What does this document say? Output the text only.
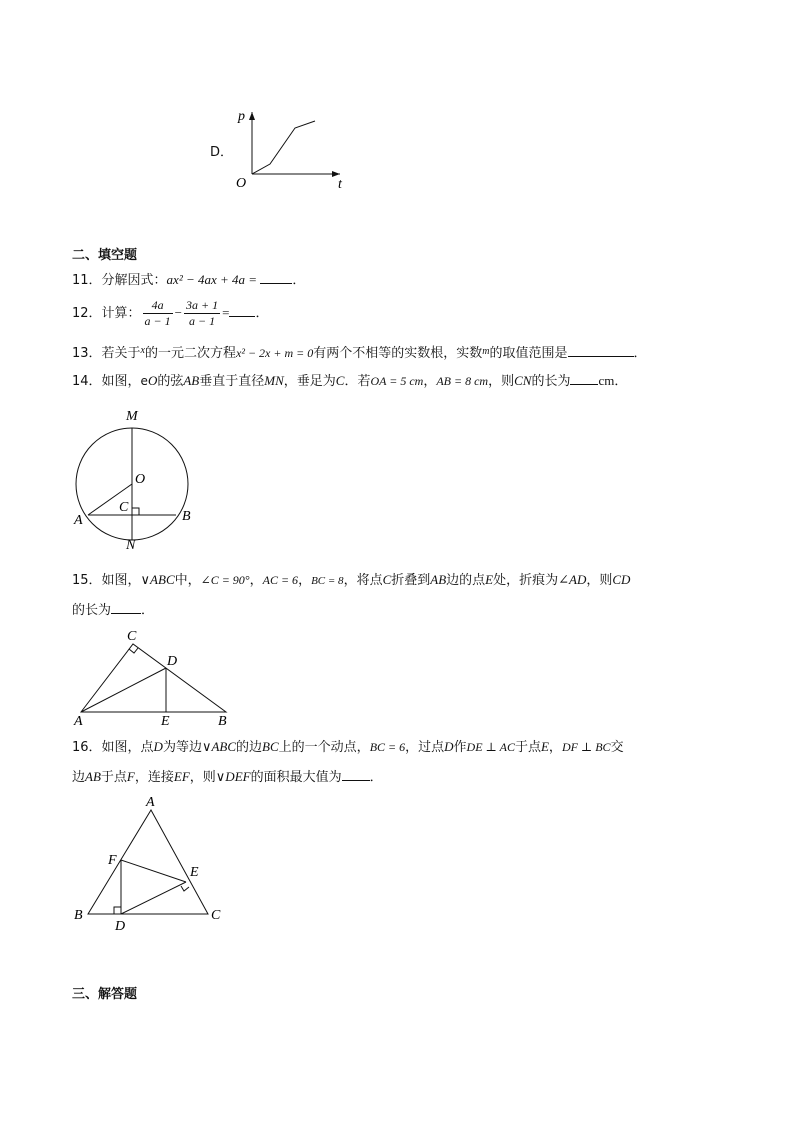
D．
p
O	t
二、填空题
11．分解因式：ax² − 4ax + 4a = ．
12．计算： $\frac{4a}{a - 1} - \frac{3a + 1}{a - 1}$ = ．
13．若关于$^x$的一元二次方程x² − 2x + m = 0有两个不相等的实数根，实数$^m$的取值范围是	．
14．如图，eO的弦AB垂直于直径MN，垂足为C．若OA = 5 cm，AB = 8 cm，则CN的长为 cm．
M
O
C
A	B
N
15．如图，∨ABC中，∠C = 90°，AC = 6，BC = 8，将点C折叠到AB边的点E处，折痕为∠AD，则CD
的长为 ．
C
D
A	E	B
16．如图，点D为等边∨ABC的边BC上的一个动点，BC = 6，过点D作DE ⊥ AC于点E，DF ⊥ BC交
边AB于点F，连接EF，则∨DEF的面积最大值为 ．
A
F
E
B
D
C
三、解答题
